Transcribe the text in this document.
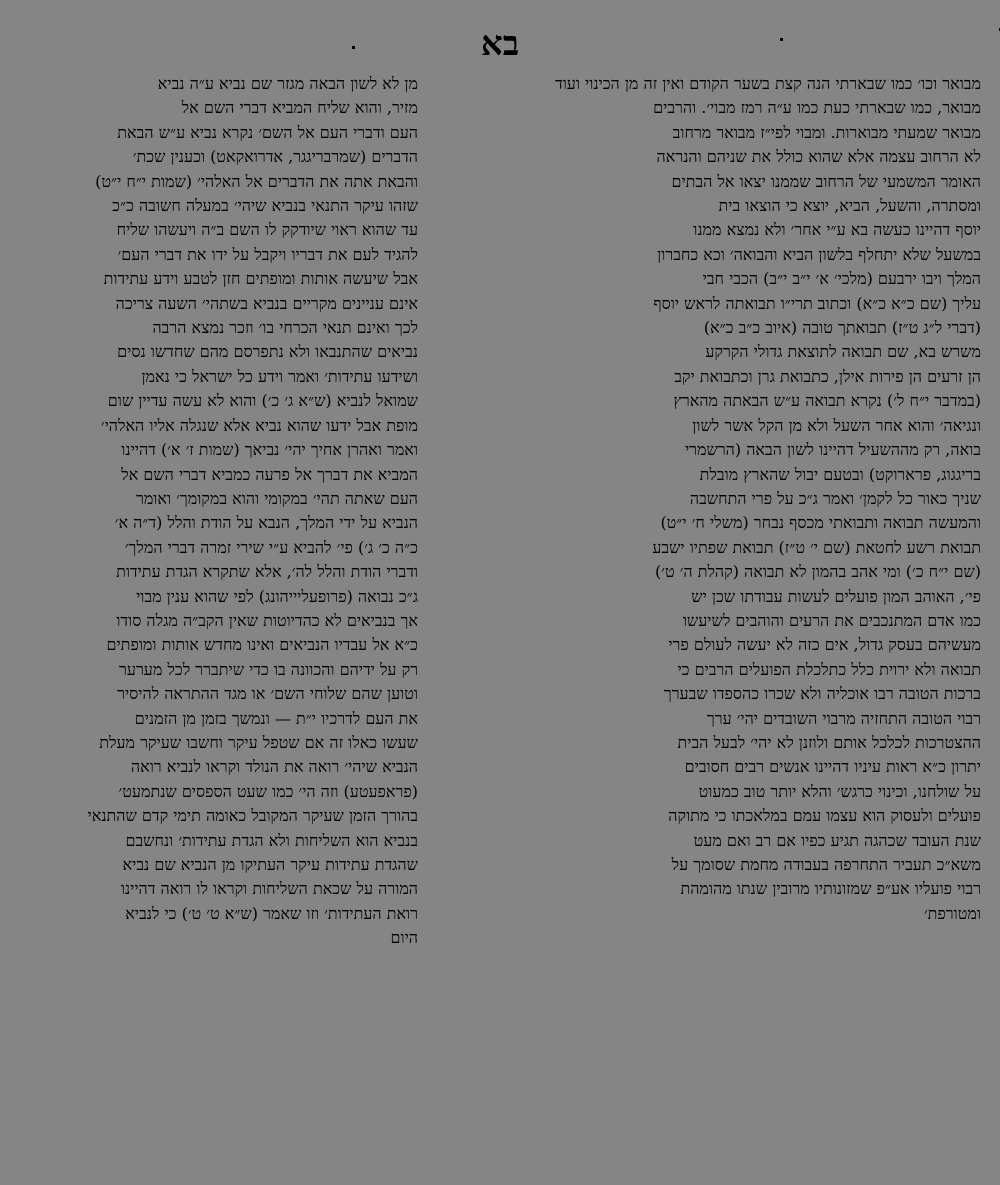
בא
מבואר וכו׳ כמו שבארתי הנה קצת בשער הקודם ואין זה מן הכינוי ועוד
מבואר, כמו שבארתי כעת כמו ע״ה רמז מבוי׳. והרבים
מבואר שמעתי מבוארות. ומבוי לפי״ז מבואר מרחוב
לא הרחוב עצמה אלא שהוא כולל את שניהם והנראה
האומר המשמעי של הרחוב שממנו יצאו אל הבתים
ומסתרה, והשעל, הביא, יוצא כי הוצאו בית
יוסף דהיינו כעשה בא ע״י אחר׳ ולא נמצא ממנו
במשעל שלא יתחלף בלשון הביא והבואה׳ וכא כחברון
המלך ויבו ירבעם (מלכי׳ א׳ י״ב י״ב) הכבי חבי
עליך (שם כ״א כ״א) וכתוב תרי״ו תבואתה לראש יוסף
(דברי ל״ג ט״ז) תבואתך טובה (איוב כ״ב כ״א)
משרש בא, שם תבואה לתוצאת גדולי הקרקע
הן זרעים הן פירות אילן, כתבואת גרן וכתבואת יקב
(במדבר י״ח ל׳) נקרא תבואה ע״ש הבאתה מהארץ
ונגיאה׳ והוא אחר השעל ולא מן הקל אשר לשון
בואה, רק מההשעיל דהיינו לשון הבאה (הרשמרי
בריגגוג, פרארוקט) ובטעם יבול שהארץ מובלת
שניך כאור כל לקמן׳ ואמר ג״כ על פרי התחשבה
והמעשה תבואה ותבואתי מכסף נבחר (משלי ח׳ י״ט)
תבואת רשע לחטאת (שם י׳ ט״ז) תבואת שפתיו ישבע
(שם י״ח כ׳) ומי אהב בהמון לא תבואה (קהלת ה׳ ט׳)
פי׳, האוהב המון פועלים לעשות עבודתו שכן יש
כמו אדם המתנכבים את הרעים והוהבים לשיעשו
מעשיהם בעסק גדול, אים כזה לא יעשה לעולם פרי
תבואה ולא ירוית כלל כתלכלת הפועלים הרבים כי
ברכות הטובה רבו אוכליה ולא שכרו כהספדו שבערך
רבוי הטובה התחזיה מרבוי השובדים יהי׳ ערך
ההצטרכות לכלכל אותם ולוזנן לא יהי׳ לבעל הבית
יתרון כ״א ראות עיניו דהיינו אנשים רבים חסובים
על שולחנו, וכינוי כרגש׳ והלא יותר טוב כמעוט
פועלים ולעסוק הוא עצמו עמם במלאכתו כי מתוקה
שנת העובד שכהגה תגיע כפיו אם רב ואם מעט
משא״כ תעביר התחרפה בעבודה מחמת שסומך על
רבוי פועליו אע״פ שמזונותיו מרובין שנתו מהומהת
ומטורפת׳
מן לא לשון הבאה מגזר שם נביא ע״ה נביא
מזיר, והוא שליח המביא דברי השם אל
העם ודברי העם אל השם׳ נקרא נביא ע״ש הבאת
הדברים (שמרבריגגר, אדרואקאט) וכענין שכת׳
והבאת אתה את הדברים אל האלהי׳ (שמות י״ח י״ט)
שזהו עיקר התנאי בנביא שיהי׳ במעלה חשובה כ״כ
עד שהוא ראוי שיודקק לו השם ב״ה ויעשהו שליח
להגיד לעם את דבריו ויקבל על ידו את דברי העם׳
אבל שיעשה אותות ומופתים חזן לטבע וידע עתידות
אינם עניינים מקריים בנביא בשתהי׳ השעה צריכה
לכך ואינם תנאי הכרחי בו׳ וזכר נמצא הרבה
נביאים שהתנבאו ולא נתפרסם מהם שחדשו נסים
ושידעו עתידות׳ ואמר וידע כל ישראל כי נאמן
שמואל לנביא (ש״א ג׳ כ׳) והוא לא עשה עדיין שום
מופת אבל ידעו שהוא נביא אלא שנגלה אליו האלהי׳
ואמר ואהרן אחיך יהי׳ נביאך (שמות ז׳ א׳) דהיינו
המביא את דברך אל פרעה כמביא דברי השם אל
העם שאתה תהי׳ במקומי והוא במקומך׳ ואומר
הנביא על ידי המלך, הנבא על הודת והלל (ד״ה א׳
כ״ה כ׳ ג׳) פי׳ להביא ע״י שירי זמרה דברי המלך׳
ודברי הודת והלל לה׳, אלא שתקרא הגדת עתידות
ג״כ נבואה (פרופעליייהונג) לפי שהוא ענין מבוי
אך בנביאים לא כהדיוטות שאין הקב״ה מגלה סודו
כ״א אל עבדיו הנביאים ואינו מחדש אותות ומופתים
רק על ידיהם והכוונה בו כדי שיתברר לכל מערער
וטוען שהם שלוחי השם׳ או מגד ההתראה להיסיר
את העם לדרכיו י״ת — ונמשך בזמן מן הזמנים
שעשו כאלו זה אם שטפל עיקר וחשבו שעיקר מעלת
הנביא שיהי׳ רואה את הנולד וקראו לנביא רואה
(פראפעטע) וזה הי׳ כמו שעט הספסים שנתמעט׳
בהורך הזמן שעיקר המקובל כאומה תימי קדם שהתנאי
בנביא הוא השליחות ולא הגדת עתידות׳ ונחשבם
שהגדת עתידות עיקר העתיקו מן הנביא שם נביא
המורה על שכאת השליחות וקראו לו רואה דהיינו
רואת העתידות׳ וזו שאמר (ש״א ט׳ ט׳) כי לנביא
היום
